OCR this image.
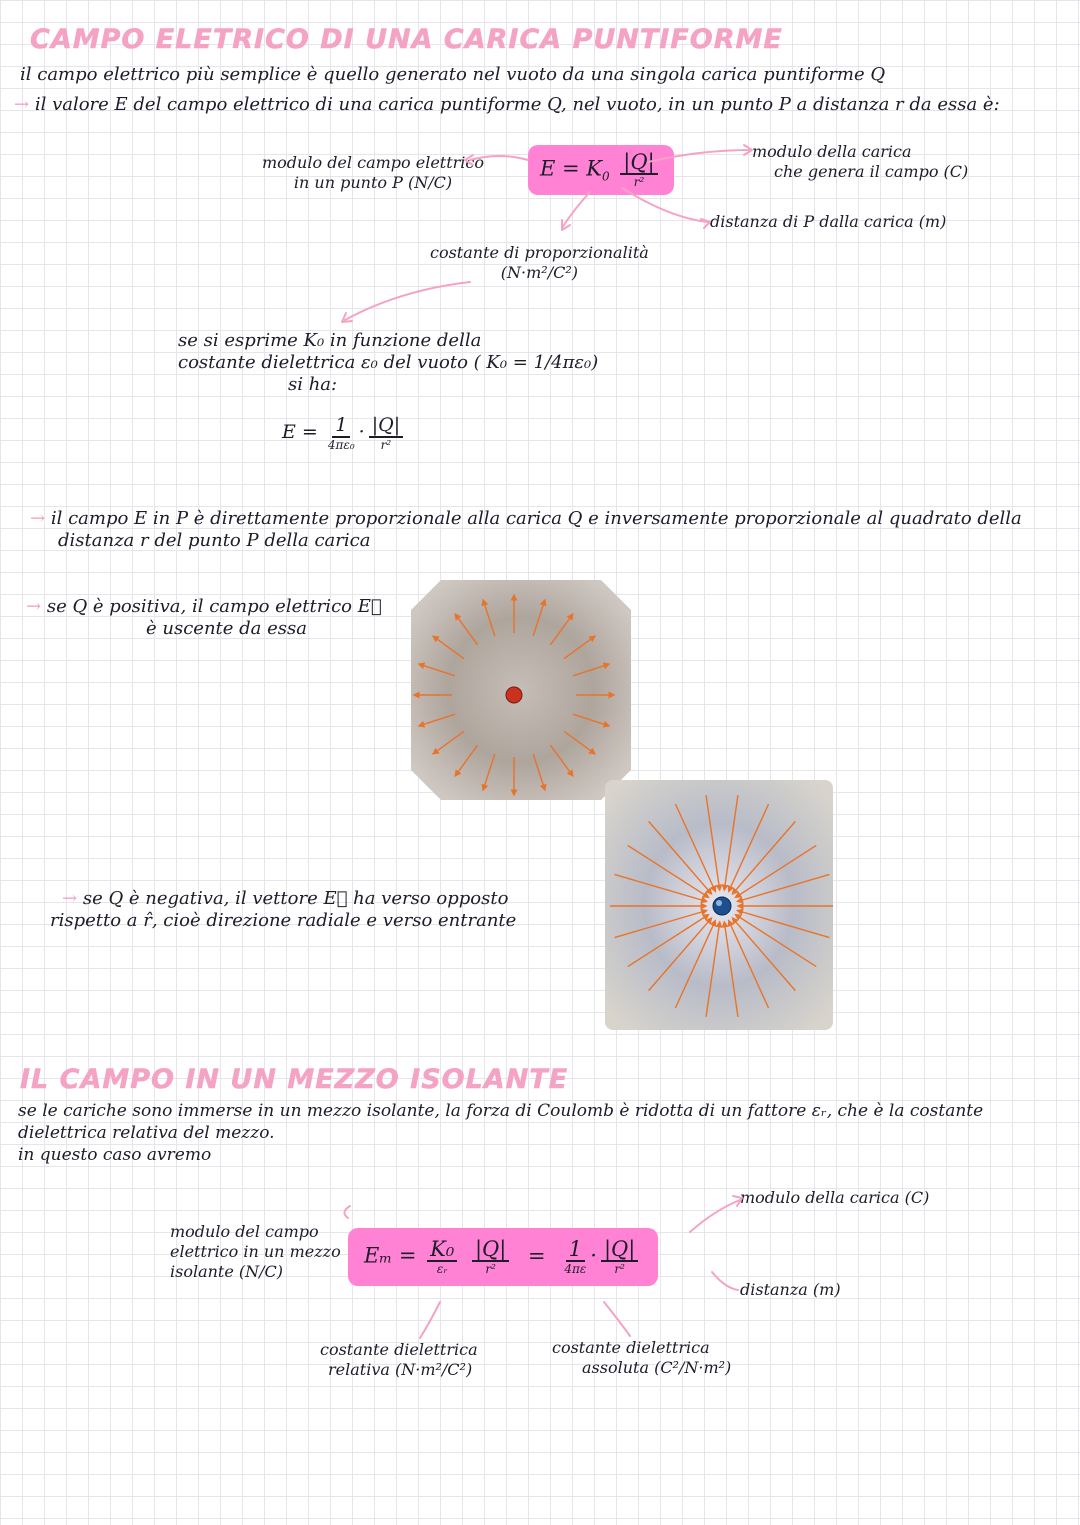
CAMPO ELETRICO DI UNA CARICA PUNTIFORME
il campo elettrico più semplice è quello generato nel vuoto da una singola carica puntiforme Q
→ il valore E del campo elettrico di una carica puntiforme Q, nel vuoto, in un punto P a distanza r da essa è:
modulo del campo elettrico
in un punto P (N/C)
$E = K_0 \frac{|Q|}{\text{r²}}$	modulo della carica
che genera il campo (C)
distanza di P dalla carica (m)
costante di proporzionalità
(N·m²/C²)
se si esprime K₀ in funzione della
costante dielettrica ε₀ del vuoto ( K₀ = 1/4πε₀)
si ha:
$E = \frac{1}{\text{4πε₀}} \cdot \frac{|Q|}{\text{r²}}$
→ il campo E in P è direttamente proporzionale alla carica Q e inversamente proporzionale al quadrato della
distanza r del punto P della carica
→ se Q è positiva, il campo elettrico E⃗
è uscente da essa
→ se Q è negativa, il vettore E⃗ ha verso opposto
rispetto a r̂, cioè direzione radiale e verso entrante
IL CAMPO IN UN MEZZO ISOLANTE
se le cariche sono immerse in un mezzo isolante, la forza di Coulomb è ridotta di un fattore εᵣ, che è la costante
dielettrica relativa del mezzo.
in questo caso avremo
modulo del campo
elettrico in un mezzo
isolante (N/C)
$E_m = \frac{\text{K₀}}{\text{εᵣ}}$
$\frac{|Q|}{\text{r²}} = \frac{1}{4\pi\varepsilon} \cdot \frac{|Q|}{\text{r²}}$
modulo della carica (C)
distanza (m)
costante dielettrica
relativa (N·m²/C²)
costante dielettrica
assoluta (C²/N·m²)
